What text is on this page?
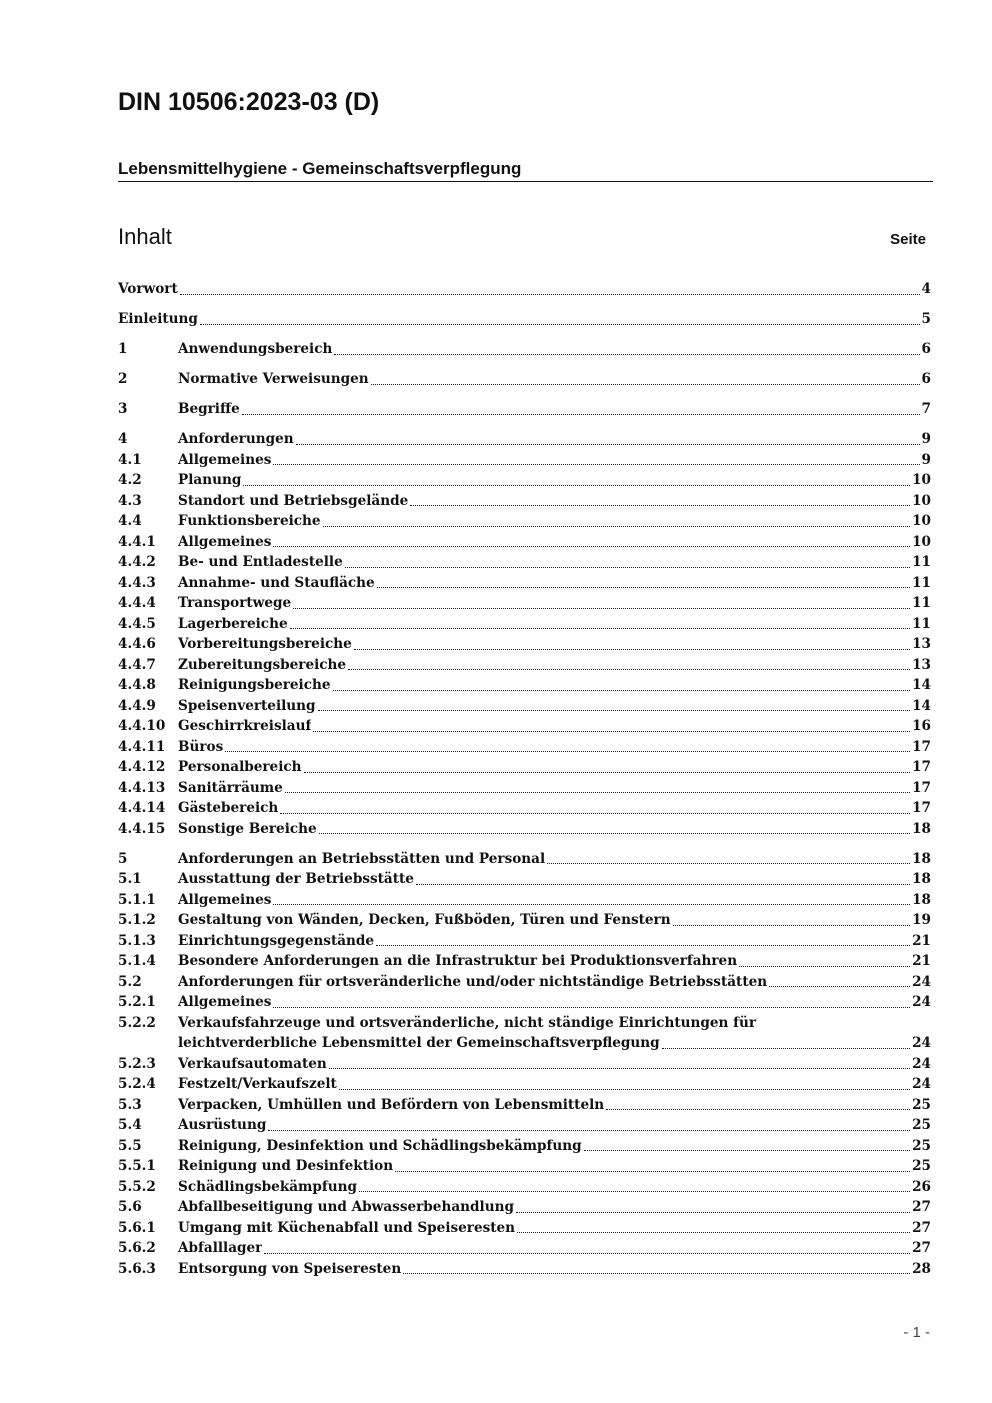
DIN 10506:2023-03 (D)
Lebensmittelhygiene - Gemeinschaftsverpflegung
Inhalt	Seite
Vorwort	4
Einleitung	5
1	Anwendungsbereich	6
2	Normative Verweisungen	6
3	Begriffe	7
4	Anforderungen	9
4.1	Allgemeines	9
4.2	Planung	10
4.3	Standort und Betriebsgelände	10
4.4	Funktionsbereiche	10
4.4.1	Allgemeines	10
4.4.2	Be- und Entladestelle	11
4.4.3	Annahme- und Staufläche	11
4.4.4	Transportwege	11
4.4.5	Lagerbereiche	11
4.4.6	Vorbereitungsbereiche	13
4.4.7	Zubereitungsbereiche	13
4.4.8	Reinigungsbereiche	14
4.4.9	Speisenverteilung	14
4.4.10 Geschirrkreislauf	16
4.4.11 Büros	17
4.4.12 Personalbereich	17
4.4.13 Sanitärräume	17
4.4.14 Gästebereich	17
4.4.15 Sonstige Bereiche	18
5	Anforderungen an Betriebsstätten und Personal	18
5.1	Ausstattung der Betriebsstätte	18
5.1.1	Allgemeines	18
5.1.2	Gestaltung von Wänden, Decken, Fußböden, Türen und Fenstern	19
5.1.3	Einrichtungsgegenstände	21
5.1.4	Besondere Anforderungen an die Infrastruktur bei Produktionsverfahren	21
5.2	Anforderungen für ortsveränderliche und/oder nichtständige Betriebsstätten	24
5.2.1	Allgemeines	24
5.2.2	Verkaufsfahrzeuge und ortsveränderliche, nicht ständige Einrichtungen für
leichtverderbliche Lebensmittel der Gemeinschaftsverpflegung	24
5.2.3	Verkaufsautomaten	24
5.2.4	Festzelt/Verkaufszelt	24
5.3	Verpacken, Umhüllen und Befördern von Lebensmitteln	25
5.4	Ausrüstung	25
5.5	Reinigung, Desinfektion und Schädlingsbekämpfung	25
5.5.1	Reinigung und Desinfektion	25
5.5.2	Schädlingsbekämpfung	26
5.6	Abfallbeseitigung und Abwasserbehandlung	27
5.6.1	Umgang mit Küchenabfall und Speiseresten	27
5.6.2	Abfalllager	27
5.6.3	Entsorgung von Speiseresten	28
- 1 -
